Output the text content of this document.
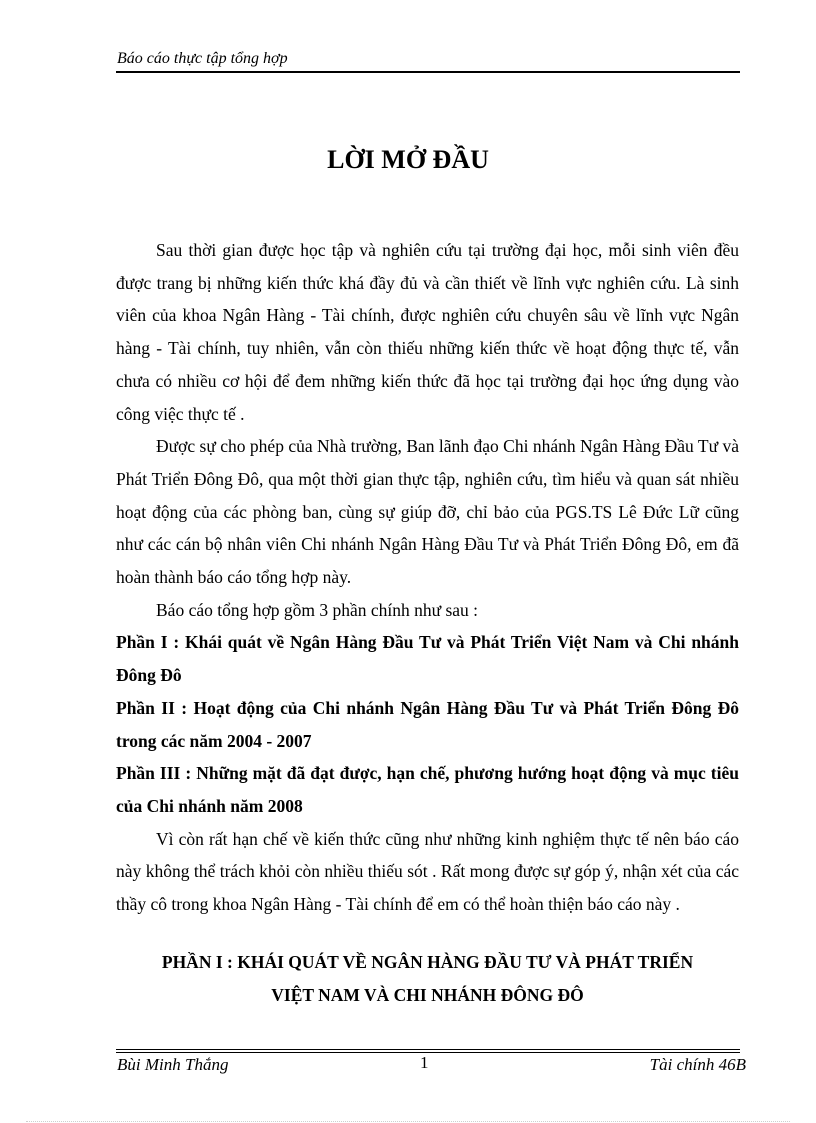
Báo cáo thực tập tổng hợp
LỜI MỞ ĐẦU

Sau thời gian được học tập và nghiên cứu tại trường đại học, mỗi sinh viên đều được trang bị những kiến thức khá đầy đủ và cần thiết về lĩnh vực nghiên cứu. Là sinh viên của khoa Ngân Hàng - Tài chính, được nghiên cứu chuyên sâu về lĩnh vực Ngân hàng - Tài chính, tuy nhiên, vẫn còn thiếu những kiến thức về hoạt động thực tế, vẫn chưa có nhiều cơ hội để đem những kiến thức đã học tại trường đại học ứng dụng vào công việc thực tế .

Được sự cho phép của Nhà trường, Ban lãnh đạo Chi nhánh Ngân Hàng Đầu Tư và Phát Triển Đông Đô, qua một thời gian thực tập, nghiên cứu, tìm hiểu và quan sát nhiều hoạt động của các phòng ban, cùng sự giúp đỡ, chỉ bảo của PGS.TS Lê Đức Lữ cũng như các cán bộ nhân viên Chi nhánh Ngân Hàng Đầu Tư và Phát Triển Đông Đô, em đã hoàn thành báo cáo tổng hợp này.

Báo cáo tổng hợp gồm 3 phần chính như sau :

Phần I : Khái quát về Ngân Hàng Đầu Tư và Phát Triển Việt Nam và Chi nhánh Đông Đô

Phần II : Hoạt động của Chi nhánh Ngân Hàng Đầu Tư và Phát Triển Đông Đô trong các năm 2004 - 2007

Phần III : Những mặt đã đạt được, hạn chế, phương hướng hoạt động và mục tiêu của Chi nhánh năm 2008

Vì còn rất hạn chế về kiến thức cũng như những kinh nghiệm thực tế nên báo cáo này không thể trách khỏi còn nhiều thiếu sót . Rất mong được sự góp ý, nhận xét của các thầy cô trong khoa Ngân Hàng - Tài chính để em có thể hoàn thiện báo cáo này .

PHẦN I : KHÁI QUÁT VỀ NGÂN HÀNG ĐẦU TƯ VÀ PHÁT TRIỂN
VIỆT NAM VÀ CHI NHÁNH ĐÔNG ĐÔ
Bùi Minh Thắng	1	Tài chính 46B
